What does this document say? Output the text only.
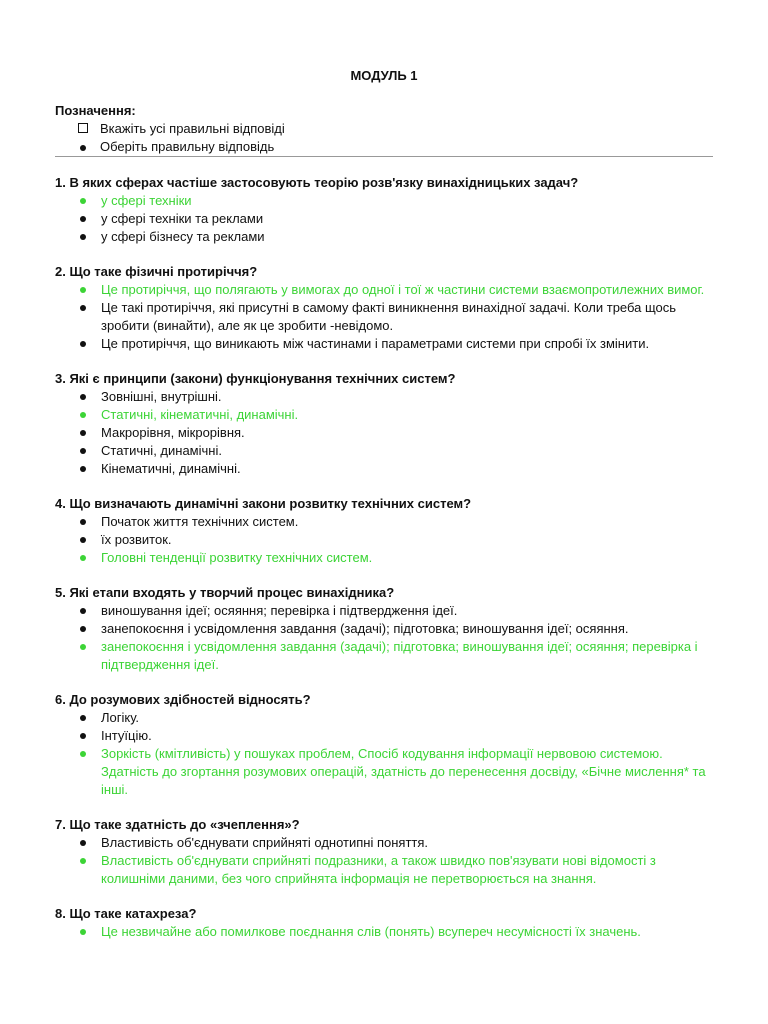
МОДУЛЬ 1
Позначення:
Вкажіть усі правильні відповіді
Оберіть правильну відповідь
1. В яких сферах частіше застосовують теорію розв'язку винахідницьких задач?
у сфері техніки
у сфері техніки та реклами
у сфері бізнесу та реклами
2. Що таке фізичні протиріччя?
Це протиріччя, що полягають у вимогах до одної і тої ж частини системи взаємопротилежних вимог.
Це такі протиріччя, які присутні в самому факті виникнення винахідної задачі. Коли треба щось зробити (винайти), але як це зробити -невідомо.
Це протиріччя, що виникають між частинами і параметрами системи при спробі їх змінити.
3. Які є принципи (закони) функціонування технічних систем?
Зовнішні, внутрішні.
Статичні, кінематичні, динамічні.
Макрорівня, мікрорівня.
Статичні, динамічні.
Кінематичні, динамічні.
4. Що визначають динамічні закони розвитку технічних систем?
Початок життя технічних систем.
їх розвиток.
Головні тенденції розвитку технічних систем.
5. Які етапи входять у творчий процес винахідника?
виношування ідеї; осяяння; перевірка і підтвердження ідеї.
занепокоєння і усвідомлення завдання (задачі); підготовка; виношування ідеї; осяяння.
занепокоєння і усвідомлення завдання (задачі); підготовка; виношування ідеї; осяяння; перевірка і підтвердження ідеї.
6. До розумових здібностей відносять?
Логіку.
Інтуїцію.
Зоркість (кмітливість) у пошуках проблем, Спосіб кодування інформації нервовою системою. Здатність до згортання розумових операцій, здатність до перенесення досвіду, «Бічне мислення* та інші.
7. Що таке здатність до «зчеплення»?
Властивість об'єднувати сприйняті однотипні поняття.
Властивість об'єднувати сприйняті подразники, а також швидко пов'язувати нові відомості з колишніми даними, без чого сприйнята інформація не перетворюється на знання.
8. Що таке катахреза?
Це незвичайне або помилкове поєднання слів (понять) всупереч несумісності їх значень.
